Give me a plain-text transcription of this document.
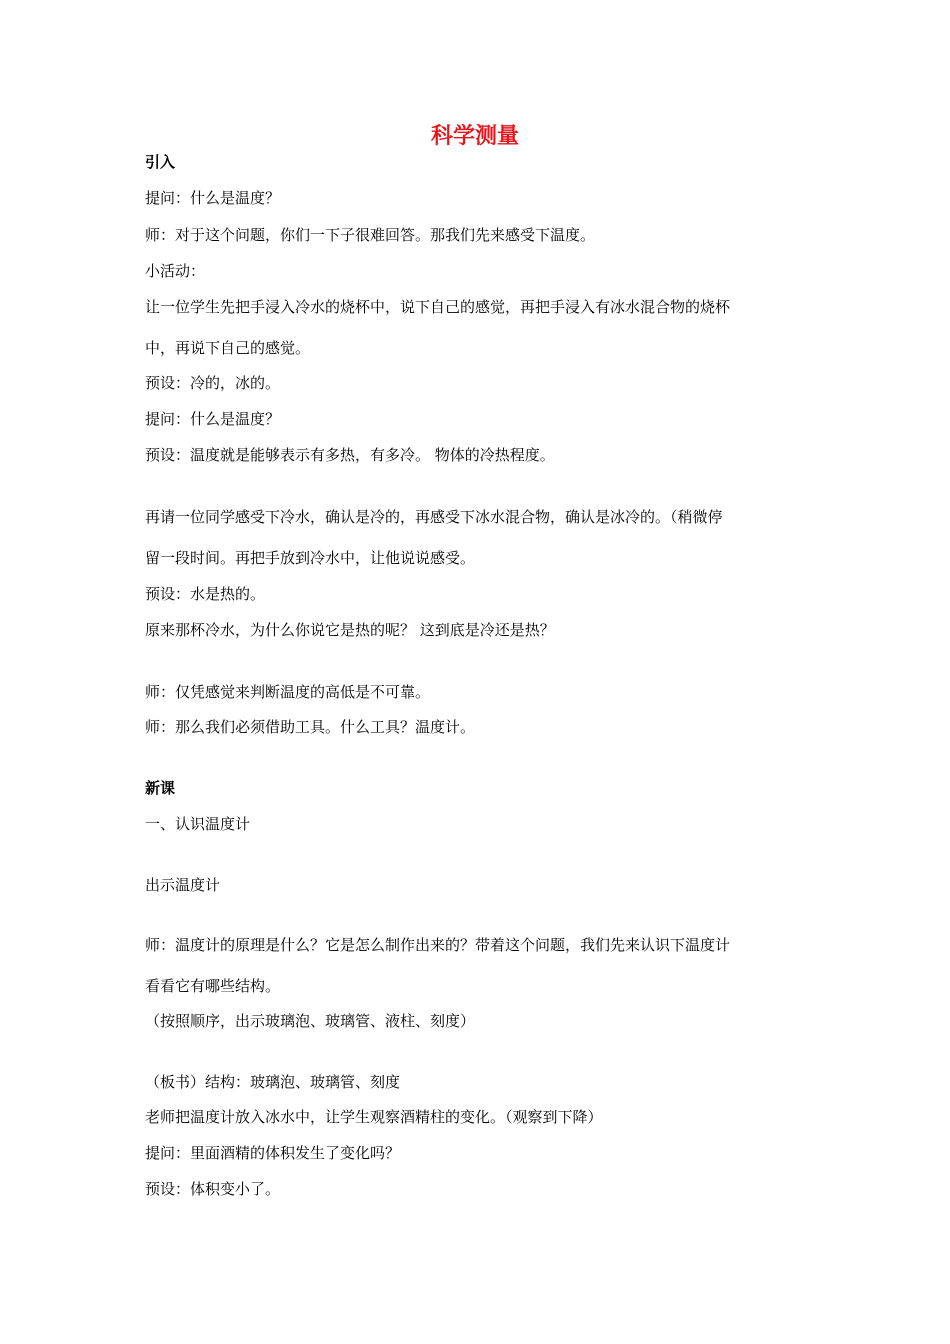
科学测量
引入
提问：什么是温度？
师：对于这个问题，你们一下子很难回答。那我们先来感受下温度。
小活动：
让一位学生先把手浸入冷水的烧杯中，说下自己的感觉，再把手浸入有冰水混合物的烧杯
中，再说下自己的感觉。
预设：冷的，冰的。
提问：什么是温度？
预设：温度就是能够表示有多热，有多冷。 物体的冷热程度。
再请一位同学感受下冷水，确认是冷的，再感受下冰水混合物，确认是冰冷的。（稍微停
留一段时间。再把手放到冷水中，让他说说感受。
预设：水是热的。
原来那杯冷水，为什么你说它是热的呢？ 这到底是冷还是热？
师：仅凭感觉来判断温度的高低是不可靠。
师：那么我们必须借助工具。什么工具？温度计。
新课
一、认识温度计
出示温度计
师：温度计的原理是什么？它是怎么制作出来的？带着这个问题，我们先来认识下温度计
看看它有哪些结构。
（按照顺序，出示玻璃泡、玻璃管、液柱、刻度）
（板书）结构：玻璃泡、玻璃管、刻度
老师把温度计放入冰水中，让学生观察酒精柱的变化。（观察到下降）
提问：里面酒精的体积发生了变化吗？
预设：体积变小了。
